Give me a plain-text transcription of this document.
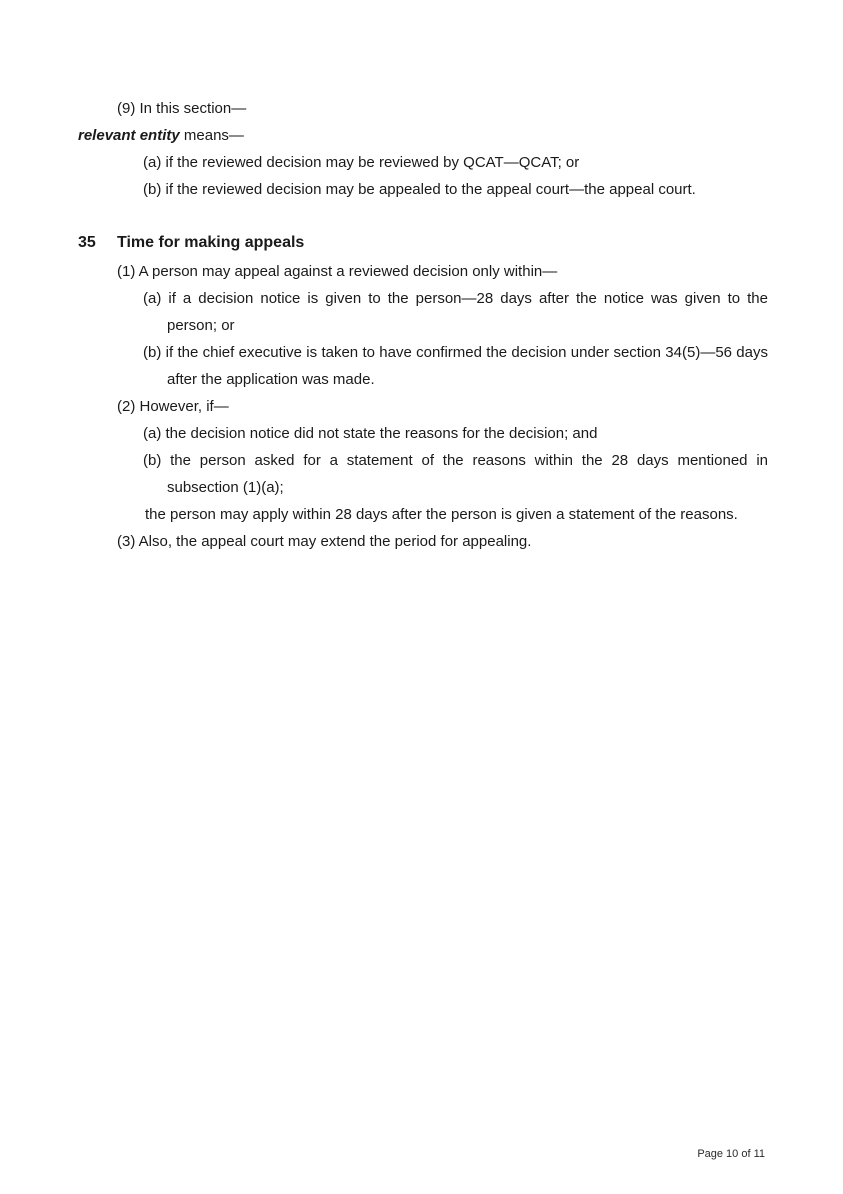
(9) In this section—

relevant entity means—

(a) if the reviewed decision may be reviewed by QCAT—QCAT; or

(b) if the reviewed decision may be appealed to the appeal court—the appeal court.

35	Time for making appeals

(1) A person may appeal against a reviewed decision only within—

(a) if a decision notice is given to the person—28 days after the notice was given to the person; or

(b) if the chief executive is taken to have confirmed the decision under section 34(5)—56 days after the application was made.

(2) However, if—

(a) the decision notice did not state the reasons for the decision; and

(b) the person asked for a statement of the reasons within the 28 days mentioned in subsection (1)(a);

the person may apply within 28 days after the person is given a statement of the reasons.

(3) Also, the appeal court may extend the period for appealing.

Page 10 of 11
